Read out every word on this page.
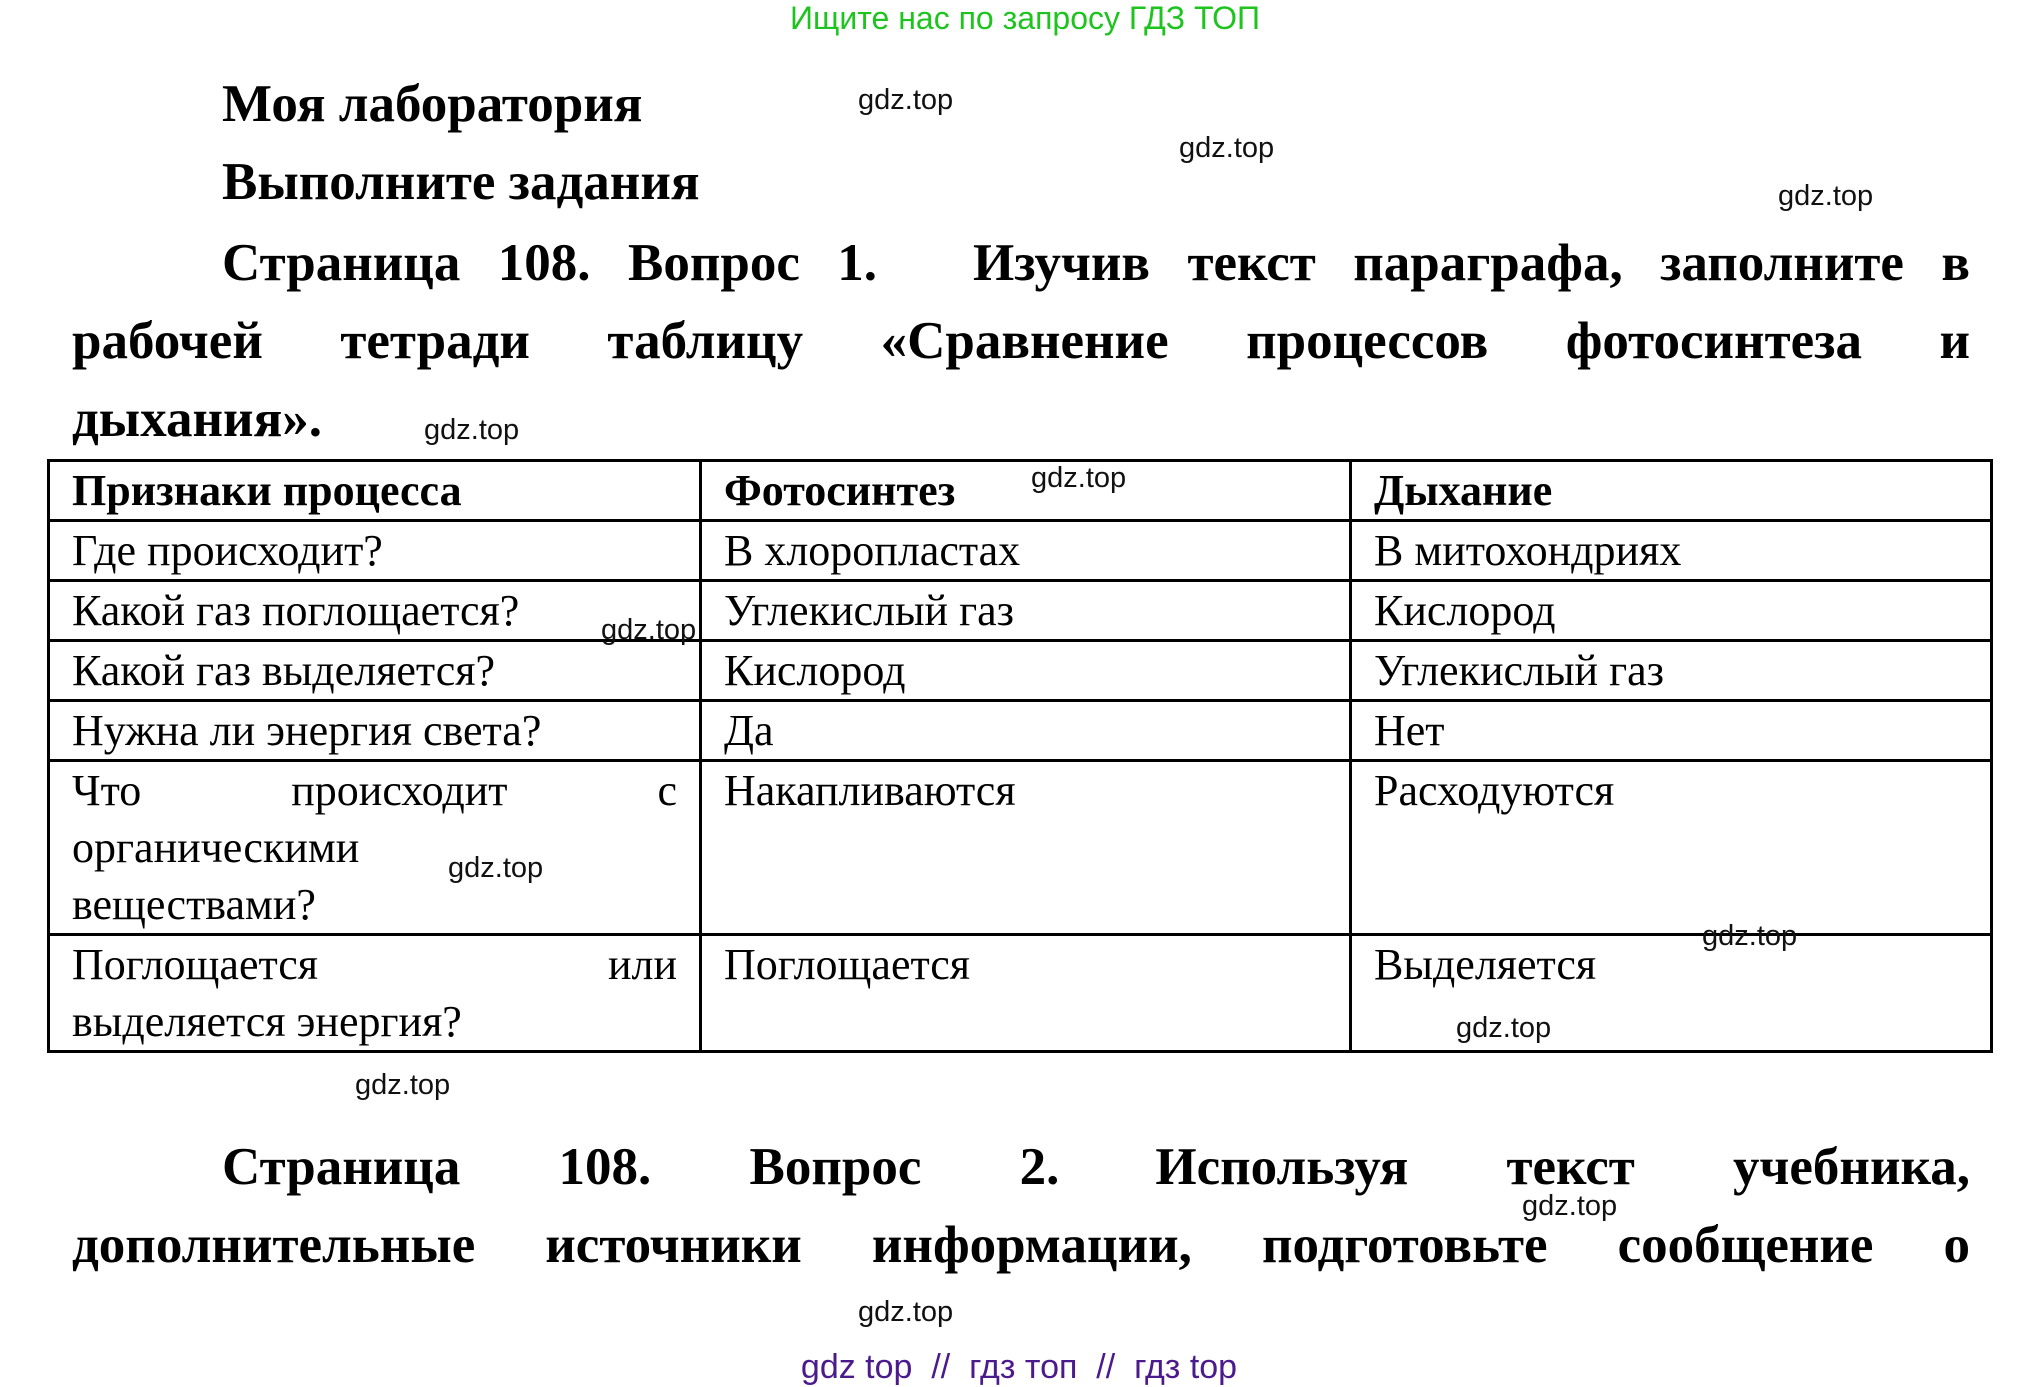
Ищите нас по запросу ГДЗ ТОП
Моя лаборатория
Выполните задания
Страница 108. Вопрос 1. Изучив текст параграфа, заполните в
рабочей тетради таблицу «Сравнение процессов фотосинтеза и
дыхания».
Признаки процесса	Фотосинтез	Дыхание
Где происходит?	В хлоропластах	В митохондриях
Какой газ поглощается?	Углекислый газ	Кислород
Какой газ выделяется?	Кислород	Углекислый газ
Нужна ли энергия света?	Да	Нет

Что происходит с
органическими
веществами?	Накапливаются	Расходуются

Поглощается или
выделяется энергия?	Поглощается	Выделяется
Страница 108. Вопрос 2. Используя текст учебника,
дополнительные источники информации, подготовьте сообщение о
gdz.top
gdz.top
gdz.top
gdz.top
gdz.top
gdz.top
gdz.top
gdz.top
gdz.top
gdz.top
gdz.top
gdz.top
gdz top  //  гдз топ  //  гдз top
